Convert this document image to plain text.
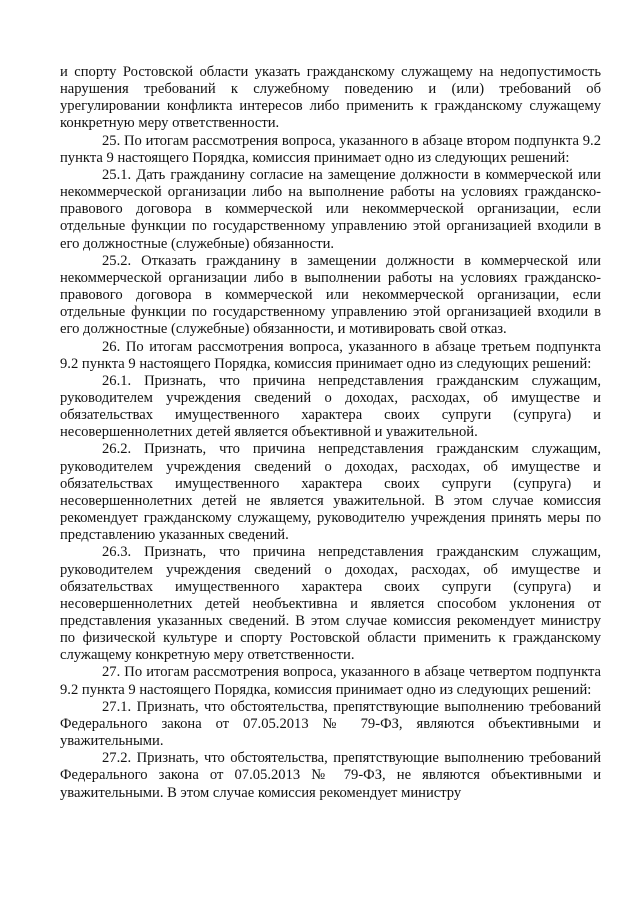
и спорту Ростовской области указать гражданскому служащему на недопустимость нарушения требований к служебному поведению и (или) требований об урегулировании конфликта интересов либо применить к гражданскому служащему конкретную меру ответственности.

25. По итогам рассмотрения вопроса, указанного в абзаце втором подпункта 9.2 пункта 9 настоящего Порядка, комиссия принимает одно из следующих решений:

25.1. Дать гражданину согласие на замещение должности в коммерческой или некоммерческой организации либо на выполнение работы на условиях гражданско-правового договора в коммерческой или некоммерческой организации, если отдельные функции по государственному управлению этой организацией входили в его должностные (служебные) обязанности.

25.2. Отказать гражданину в замещении должности в коммерческой или некоммерческой организации либо в выполнении работы на условиях гражданско-правового договора в коммерческой или некоммерческой организации, если отдельные функции по государственному управлению этой организацией входили в его должностные (служебные) обязанности, и мотивировать свой отказ.

26. По итогам рассмотрения вопроса, указанного в абзаце третьем подпункта 9.2 пункта 9 настоящего Порядка, комиссия принимает одно из следующих решений:

26.1. Признать, что причина непредставления гражданским служащим, руководителем учреждения сведений о доходах, расходах, об имуществе и обязательствах имущественного характера своих супруги (супруга) и несовершеннолетних детей является объективной и уважительной.

26.2. Признать, что причина непредставления гражданским служащим, руководителем учреждения сведений о доходах, расходах, об имуществе и обязательствах имущественного характера своих супруги (супруга) и несовершеннолетних детей не является уважительной. В этом случае комиссия рекомендует гражданскому служащему, руководителю учреждения принять меры по представлению указанных сведений.

26.3. Признать, что причина непредставления гражданским служащим, руководителем учреждения сведений о доходах, расходах, об имуществе и обязательствах имущественного характера своих супруги (супруга) и несовершеннолетних детей необъективна и является способом уклонения от представления указанных сведений. В этом случае комиссия рекомендует министру по физической культуре и спорту Ростовской области применить к гражданскому служащему конкретную меру ответственности.

27. По итогам рассмотрения вопроса, указанного в абзаце четвертом подпункта 9.2 пункта 9 настоящего Порядка, комиссия принимает одно из следующих решений:

27.1. Признать, что обстоятельства, препятствующие выполнению требований Федерального закона от 07.05.2013 № 79-ФЗ, являются объективными и уважительными.

27.2. Признать, что обстоятельства, препятствующие выполнению требований Федерального закона от 07.05.2013 № 79-ФЗ, не являются объективными и уважительными. В этом случае комиссия рекомендует министру
